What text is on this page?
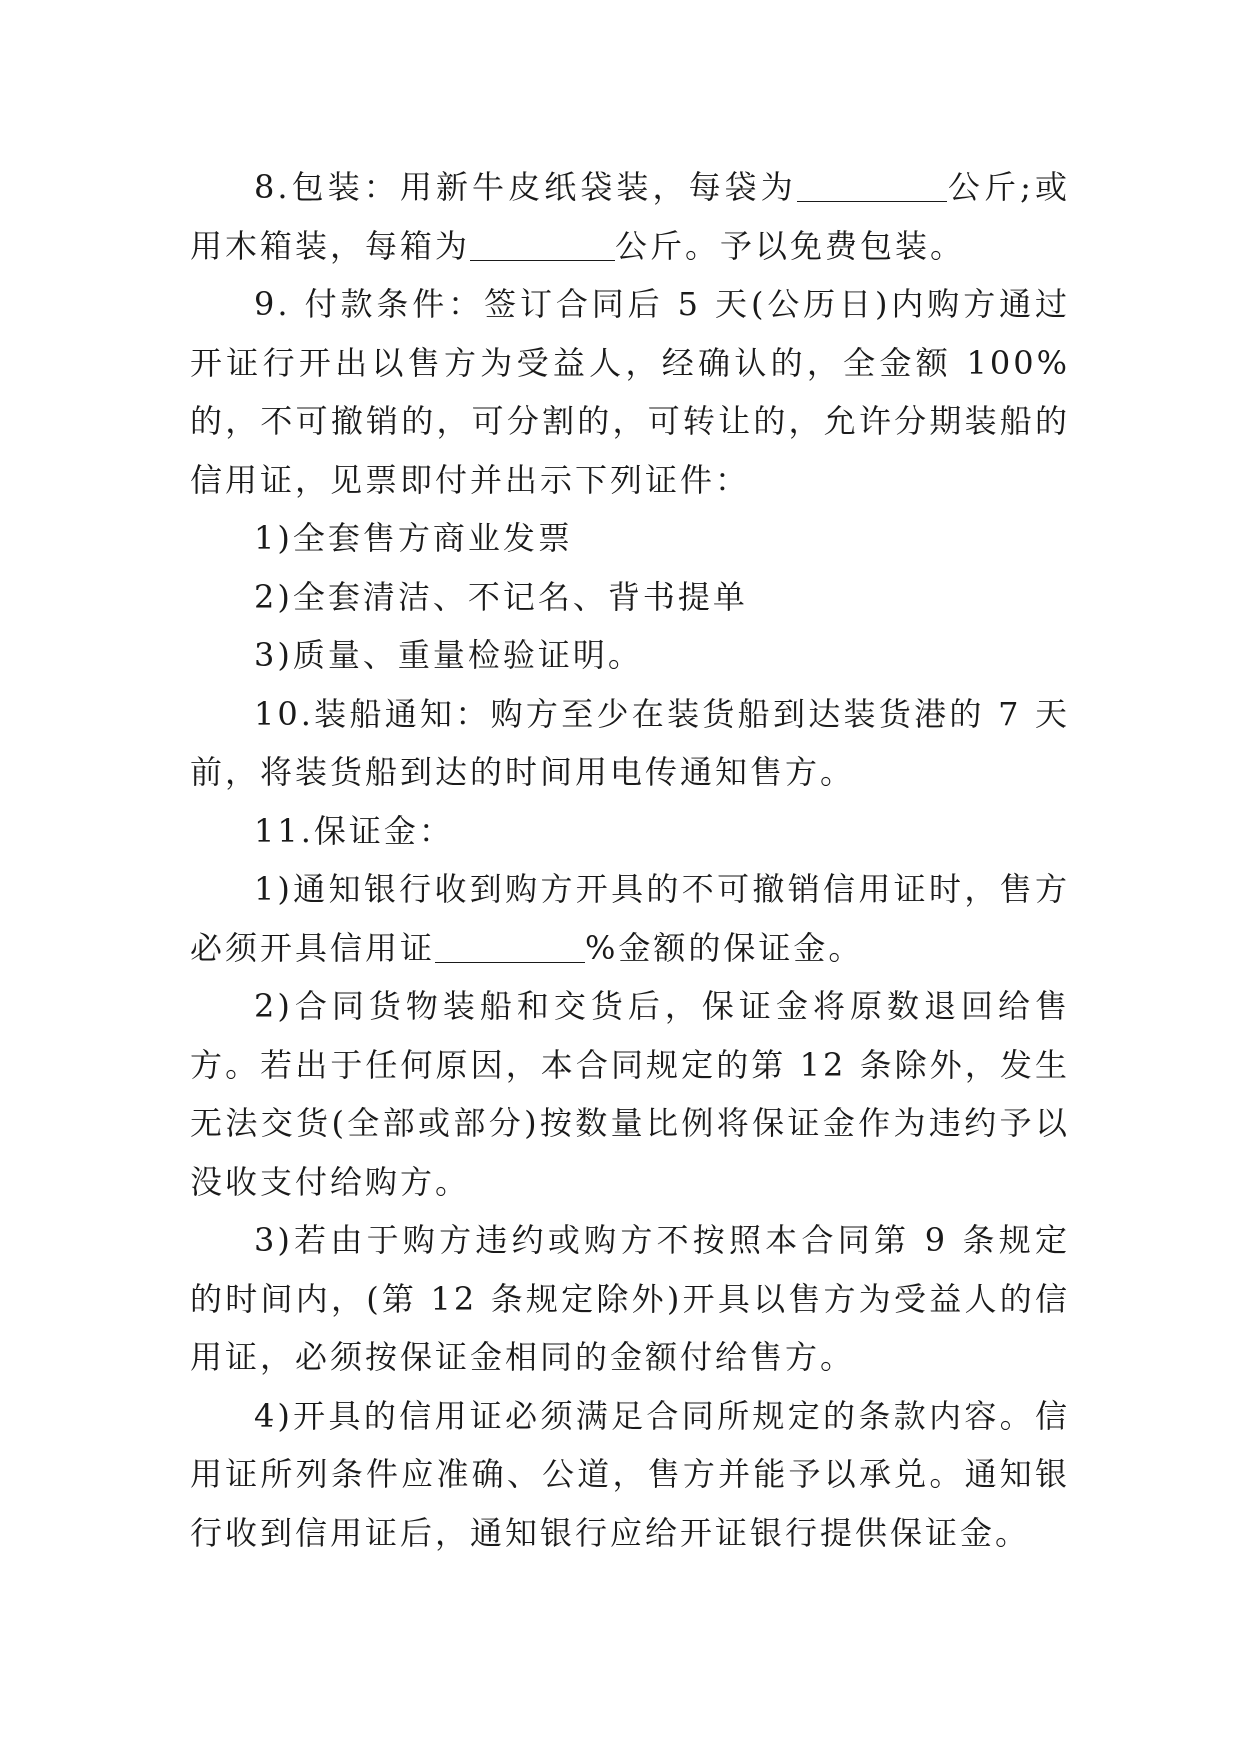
8.包装：用新牛皮纸袋装，每袋为	公斤;或用木箱装，每箱为	公斤。予以免费包装。

9. 付款条件：签订合同后 5 天(公历日)内购方通过开证行开出以售方为受益人，经确认的，全金额 100%的，不可撤销的，可分割的，可转让的，允许分期装船的信用证，见票即付并出示下列证件：

1)全套售方商业发票

2)全套清洁、不记名、背书提单

3)质量、重量检验证明。

10.装船通知：购方至少在装货船到达装货港的 7 天前，将装货船到达的时间用电传通知售方。

11.保证金：

1)通知银行收到购方开具的不可撤销信用证时，售方必须开具信用证	%金额的保证金。

2)合同货物装船和交货后，保证金将原数退回给售方。若出于任何原因，本合同规定的第 12 条除外，发生无法交货(全部或部分)按数量比例将保证金作为违约予以没收支付给购方。

3)若由于购方违约或购方不按照本合同第 9 条规定的时间内，(第 12 条规定除外)开具以售方为受益人的信用证，必须按保证金相同的金额付给售方。

4)开具的信用证必须满足合同所规定的条款内容。信用证所列条件应准确、公道，售方并能予以承兑。通知银行收到信用证后，通知银行应给开证银行提供保证金。
